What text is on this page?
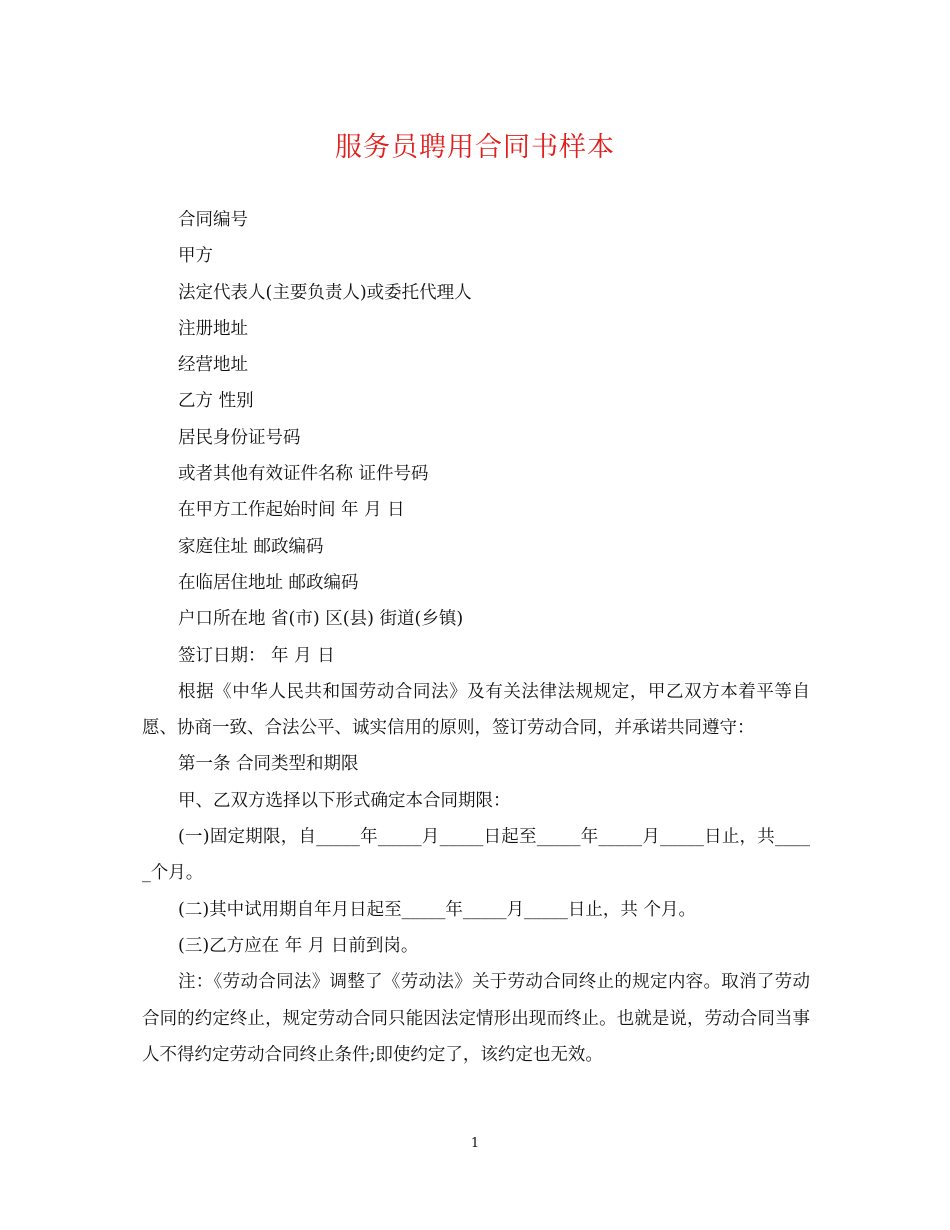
服务员聘用合同书样本

合同编号

甲方

法定代表人(主要负责人)或委托代理人

注册地址

经营地址

乙方 性别

居民身份证号码

或者其他有效证件名称 证件号码

在甲方工作起始时间 年 月 日

家庭住址 邮政编码

在临居住地址 邮政编码

户口所在地 省(市) 区(县) 街道(乡镇)

签订日期： 年 月 日

根据《中华人民共和国劳动合同法》及有关法律法规规定，甲乙双方本着平等自愿、协商一致、合法公平、诚实信用的原则，签订劳动合同，并承诺共同遵守：

第一条 合同类型和期限

甲、乙双方选择以下形式确定本合同期限：

(一)固定期限，自_____年_____月_____日起至_____年_____月_____日止，共_____个月。

(二)其中试用期自年月日起至_____年_____月_____日止，共 个月。

(三)乙方应在 年 月 日前到岗。

注：《劳动合同法》调整了《劳动法》关于劳动合同终止的规定内容。取消了劳动合同的约定终止，规定劳动合同只能因法定情形出现而终止。也就是说，劳动合同当事人不得约定劳动合同终止条件;即使约定了，该约定也无效。

1
